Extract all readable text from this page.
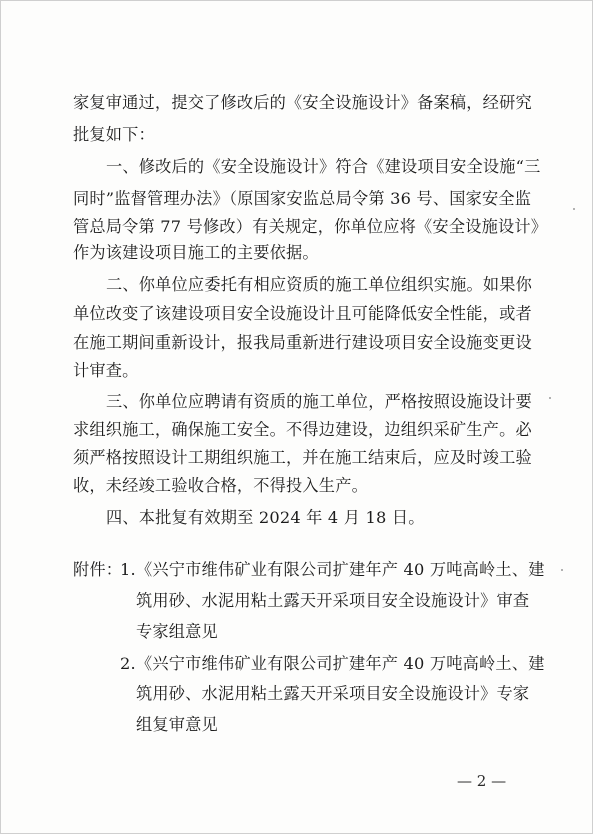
家复审通过，提交了修改后的《安全设施设计》备案稿，经研究
批复如下：
一、修改后的《安全设施设计》符合《建设项目安全设施“三
同时”监督管理办法》（原国家安监总局令第 36 号、国家安全监
管总局令第 77 号修改）有关规定，你单位应将《安全设施设计》
作为该建设项目施工的主要依据。
二、你单位应委托有相应资质的施工单位组织实施。如果你
单位改变了该建设项目安全设施设计且可能降低安全性能，或者
在施工期间重新设计，报我局重新进行建设项目安全设施变更设
计审查。
三、你单位应聘请有资质的施工单位，严格按照设施设计要
求组织施工，确保施工安全。不得边建设，边组织采矿生产。必
须严格按照设计工期组织施工，并在施工结束后，应及时竣工验
收，未经竣工验收合格，不得投入生产。
四、本批复有效期至 2024 年 4 月 18 日。
附件：
1. 《兴宁市维伟矿业有限公司扩建年产 40 万吨高岭土、建
筑用砂、水泥用粘土露天开采项目安全设施设计》审查
专家组意见
2. 《兴宁市维伟矿业有限公司扩建年产 40 万吨高岭土、建
筑用砂、水泥用粘土露天开采项目安全设施设计》专家
组复审意见
— 2 —
